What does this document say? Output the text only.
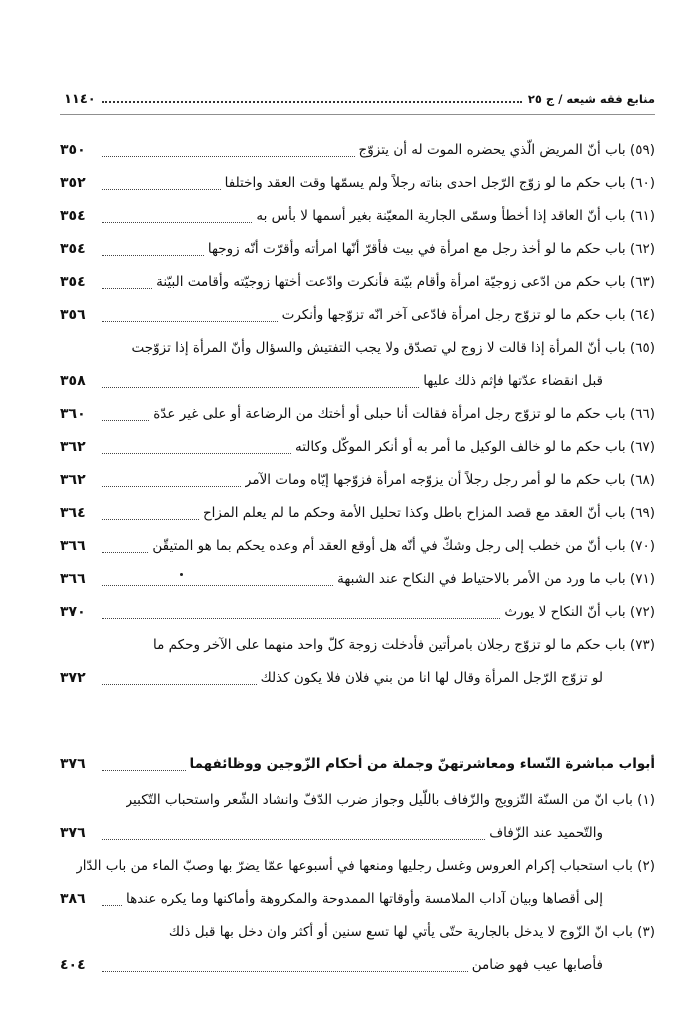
١١٤٠	منابع فقه شيعه / ج ٢٥
(٥٩) باب أنّ المريض الّذي يحضره الموت له أن يتزوّج
٣٥٠
(٦٠) باب حكم ما لو زوّج الرّجل احدى بناته رجلاً ولم يسمّها وقت العقد واختلفا
٣٥٢
(٦١) باب أنّ العاقد إذا أخطأ وسمّى الجارية المعيّنة بغير أسمها لا بأس به
٣٥٤
(٦٢) باب حكم ما لو أخذ رجل مع امرأة في بيت فأقرّ أنّها امرأته وأقرّت أنّه زوجها
٣٥٤
(٦٣) باب حكم من ادّعى زوجيّة امرأة وأقام بيّنة فأنكرت وادّعت أختها زوجيّته وأقامت البيّنة
٣٥٤
(٦٤) باب حكم ما لو تزوّج رجل امرأة فادّعى آخر انّه تزوّجها وأنكرت
٣٥٦
(٦٥) باب أنّ المرأة إذا قالت لا زوج لي تصدّق ولا يجب التفتيش والسؤال وأنّ المرأة إذا تزوّجت
قبل انقضاء عدّتها فإثم ذلك عليها
٣٥٨
(٦٦) باب حكم ما لو تزوّج رجل امرأة فقالت أنا حبلى أو أختك من الرضاعة أو على غير عدّة
٣٦٠
(٦٧) باب حكم ما لو خالف الوكيل ما أمر به أو أنكر الموكّل وكالته
٣٦٢
(٦٨) باب حكم ما لو أمر رجل رجلاً أن يزوّجه امرأة فزوّجها إيّاه ومات الآمر
٣٦٢
(٦٩) باب أنّ العقد مع قصد المزاح باطل وكذا تحليل الأمة وحكم ما لم يعلم المزاح
٣٦٤
(٧٠) باب أنّ من خطب إلى رجل وشكّ في أنّه هل أوقع العقد أم وعده يحكم بما هو المتيقّن
٣٦٦
(٧١) باب ما ورد من الأمر بالاحتياط في النكاح عند الشبهة
٣٦٦
(٧٢) باب أنّ النكاح لا يورث
٣٧٠
(٧٣) باب حكم ما لو تزوّج رجلان بامرأتين فأدخلت زوجة كلّ واحد منهما على الآخر وحكم ما
لو تزوّج الرّجل المرأة وقال لها انا من بني فلان فلا يكون كذلك
٣٧٢
أبواب مباشرة النّساء ومعاشرتهنّ وجملة من أحكام الزّوجين ووظائفهما
٣٧٦
(١) باب انّ من السنّة التّزويج والزّفاف باللّيل وجواز ضرب الدّفّ وانشاد الشّعر واستحباب التّكبير
والتّحميد عند الزّفاف
٣٧٦
(٢) باب استحباب إكرام العروس وغسل رجليها ومنعها في أسبوعها عمّا يضرّ بها وصبّ الماء من باب الدّار
إلى أقصاها وبيان آداب الملامسة وأوقاتها الممدوحة والمكروهة وأماكنها وما يكره عندها
٣٨٦
(٣) باب انّ الزّوج لا يدخل بالجارية حتّى يأتي لها تسع سنين أو أكثر وان دخل بها قبل ذلك
فأصابها عيب فهو ضامن
٤٠٤
